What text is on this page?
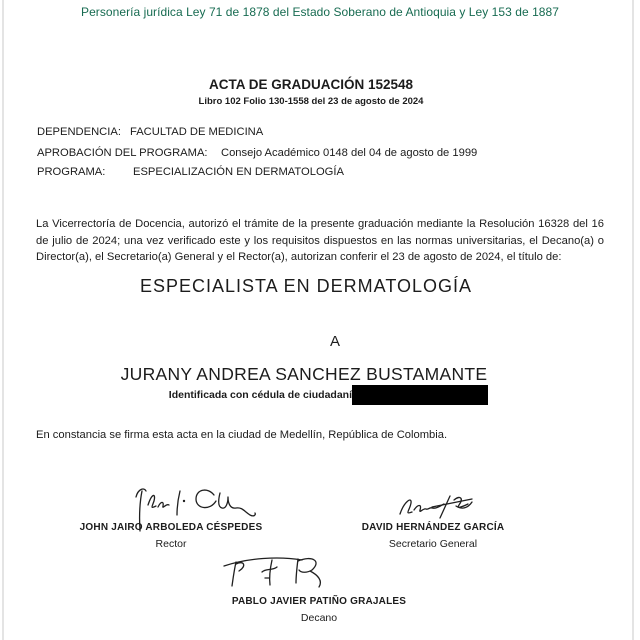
Personería jurídica Ley 71 de 1878 del Estado Soberano de Antioquia y Ley 153 de 1887
ACTA DE GRADUACIÓN 152548
Libro 102 Folio 130-1558 del 23 de agosto de 2024
DEPENDENCIA: FACULTAD DE MEDICINA
APROBACIÓN DEL PROGRAMA: Consejo Académico 0148 del 04 de agosto de 1999
PROGRAMA: ESPECIALIZACIÓN EN DERMATOLOGÍA
La Vicerrectoría de Docencia, autorizó el trámite de la presente graduación mediante la Resolución 16328 del 16 de julio de 2024; una vez verificado este y los requisitos dispuestos en las normas universitarias, el Decano(a) o Director(a), el Secretario(a) General y el Rector(a), autorizan conferir el 23 de agosto de 2024, el título de:
ESPECIALISTA EN DERMATOLOGÍA
A
JURANY ANDREA SANCHEZ BUSTAMANTE
Identificada con cédula de ciudadaní
En constancia se firma esta acta en la ciudad de Medellín, República de Colombia.
JOHN JAIRO ARBOLEDA CÉSPEDES
Rector
DAVID HERNÁNDEZ GARCÍA
Secretario General
PABLO JAVIER PATIÑO GRAJALES
Decano
